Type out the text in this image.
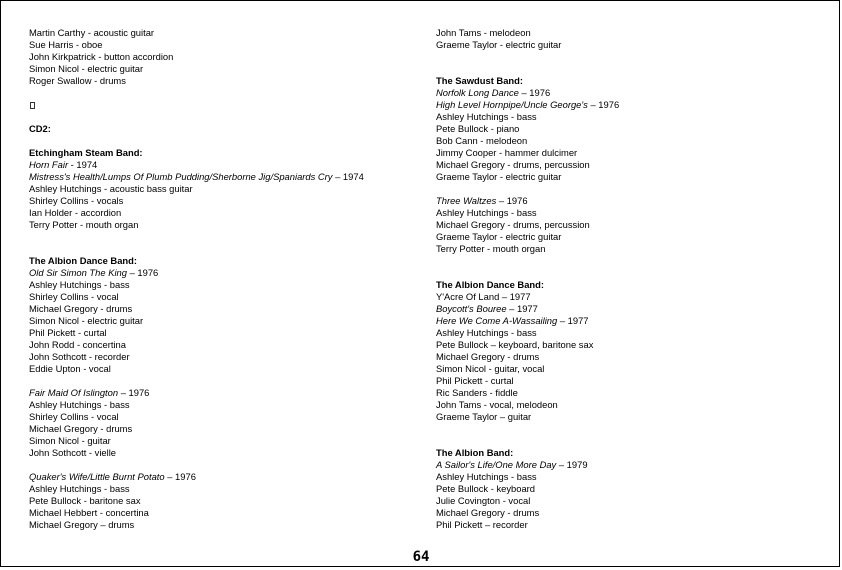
Martin Carthy - acoustic guitar
Sue Harris - oboe
John Kirkpatrick - button accordion
Simon Nicol - electric guitar
Roger Swallow - drums
CD2:
Etchingham Steam Band:
Horn Fair - 1974
Mistress's Health/Lumps Of Plumb Pudding/Sherborne Jig/Spaniards Cry – 1974
Ashley Hutchings - acoustic bass guitar
Shirley Collins - vocals
Ian Holder - accordion
Terry Potter - mouth organ
The Albion Dance Band:
Old Sir Simon The King – 1976
Ashley Hutchings - bass
Shirley Collins - vocal
Michael Gregory - drums
Simon Nicol - electric guitar
Phil Pickett - curtal
John Rodd - concertina
John Sothcott - recorder
Eddie Upton - vocal
Fair Maid Of Islington – 1976
Ashley Hutchings - bass
Shirley Collins - vocal
Michael Gregory - drums
Simon Nicol - guitar
John Sothcott - vielle
Quaker's Wife/Little Burnt Potato – 1976
Ashley Hutchings - bass
Pete Bullock - baritone sax
Michael Hebbert - concertina
Michael Gregory – drums
John Tams - melodeon
Graeme Taylor - electric guitar
The Sawdust Band:
Norfolk Long Dance – 1976
High Level Hornpipe/Uncle George's – 1976
Ashley Hutchings - bass
Pete Bullock - piano
Bob Cann - melodeon
Jimmy Cooper - hammer dulcimer
Michael Gregory - drums, percussion
Graeme Taylor - electric guitar
Three Waltzes – 1976
Ashley Hutchings - bass
Michael Gregory - drums, percussion
Graeme Taylor - electric guitar
Terry Potter - mouth organ
The Albion Dance Band:
Y'Acre Of Land – 1977
Boycott's Bouree – 1977
Here We Come A-Wassailing – 1977
Ashley Hutchings - bass
Pete Bullock – keyboard, baritone sax
Michael Gregory - drums
Simon Nicol - guitar, vocal
Phil Pickett - curtal
Ric Sanders - fiddle
John Tams - vocal, melodeon
Graeme Taylor – guitar
The Albion Band:
A Sailor's Life/One More Day – 1979
Ashley Hutchings - bass
Pete Bullock - keyboard
Julie Covington - vocal
Michael Gregory - drums
Phil Pickett – recorder
64
